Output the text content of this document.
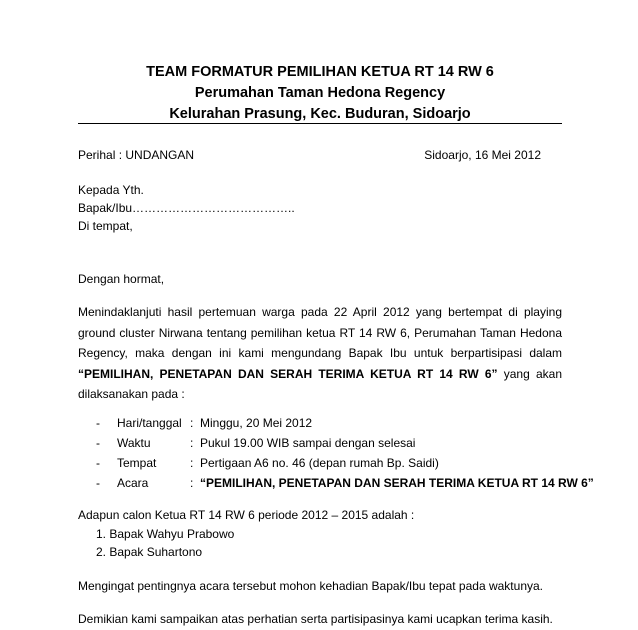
TEAM FORMATUR PEMILIHAN KETUA RT 14 RW 6
Perumahan Taman Hedona Regency
Kelurahan Prasung, Kec. Buduran, Sidoarjo
Perihal : UNDANGAN	Sidoarjo, 16 Mei 2012
Kepada Yth.
Bapak/Ibu…………………………………..
Di tempat,
Dengan hormat,
Menindaklanjuti hasil pertemuan warga pada 22 April 2012 yang bertempat di playing ground cluster Nirwana tentang pemilihan ketua RT 14 RW 6, Perumahan Taman Hedona Regency, maka dengan ini kami mengundang Bapak Ibu untuk berpartisipasi dalam “PEMILIHAN, PENETAPAN DAN SERAH TERIMA KETUA RT 14 RW 6” yang akan dilaksanakan pada :
- Hari/tanggal : Minggu, 20 Mei 2012
- Waktu	: Pukul 19.00 WIB sampai dengan selesai
- Tempat	: Pertigaan A6 no. 46 (depan rumah Bp. Saidi)
- Acara	: “PEMILIHAN, PENETAPAN DAN SERAH TERIMA KETUA RT 14 RW 6”
Adapun calon Ketua RT 14 RW 6 periode 2012 – 2015 adalah :
1. Bapak Wahyu Prabowo
2. Bapak Suhartono
Mengingat pentingnya acara tersebut mohon kehadian Bapak/Ibu tepat pada waktunya.
Demikian kami sampaikan atas perhatian serta partisipasinya kami ucapkan terima kasih.
